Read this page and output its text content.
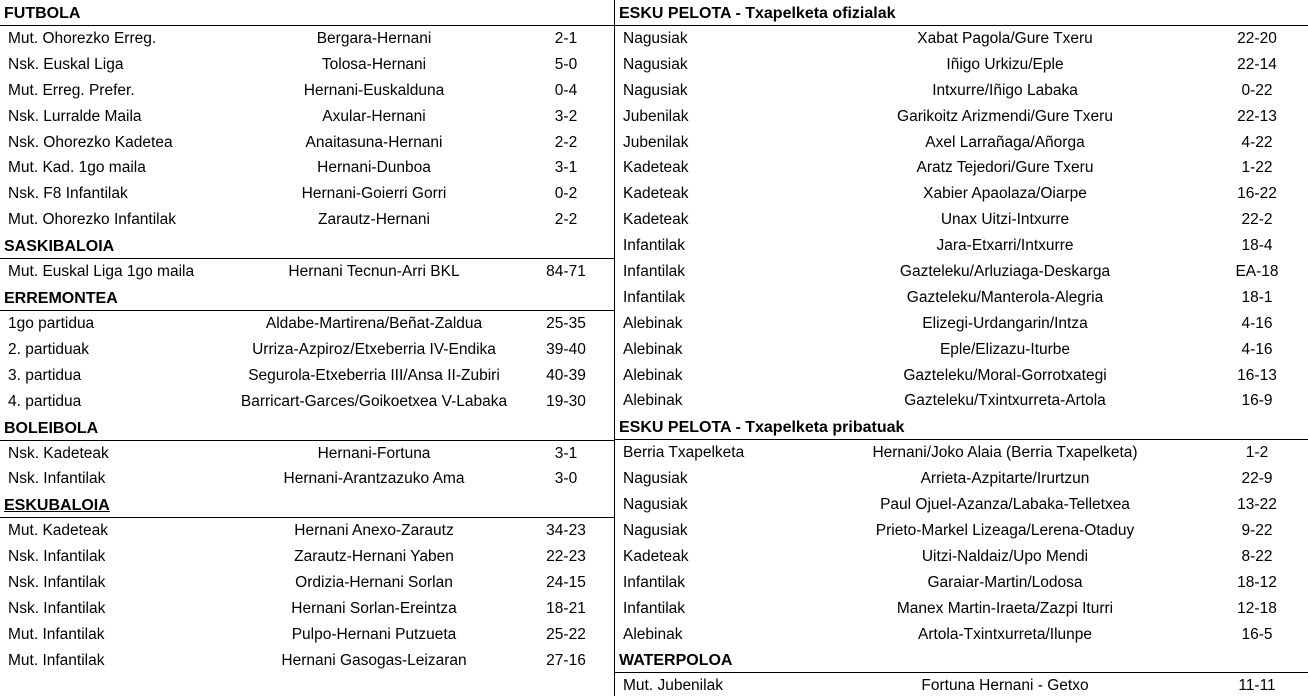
FUTBOLA
Mut. Ohorezko Erreg.	Bergara-Hernani	2-1
Nsk. Euskal Liga	Tolosa-Hernani	5-0
Mut. Erreg. Prefer.	Hernani-Euskalduna	0-4
Nsk. Lurralde Maila	Axular-Hernani	3-2
Nsk. Ohorezko Kadetea	Anaitasuna-Hernani	2-2
Mut. Kad. 1go maila	Hernani-Dunboa	3-1
Nsk. F8 Infantilak	Hernani-Goierri Gorri	0-2
Mut. Ohorezko Infantilak	Zarautz-Hernani	2-2
SASKIBALOIA
Mut. Euskal Liga 1go maila	Hernani Tecnun-Arri BKL	84-71
ERREMONTEA
1go partidua	Aldabe-Martirena/Beñat-Zaldua	25-35
2. partiduak	Urriza-Azpiroz/Etxeberria IV-Endika	39-40
3. partidua	Segurola-Etxeberria III/Ansa II-Zubiri	40-39
4. partidua	Barricart-Garces/Goikoetxea V-Labaka	19-30
BOLEIBOLA
Nsk. Kadeteak	Hernani-Fortuna	3-1
Nsk. Infantilak	Hernani-Arantzazuko Ama	3-0
ESKUBALOIA
Mut. Kadeteak	Hernani Anexo-Zarautz	34-23
Nsk. Infantilak	Zarautz-Hernani Yaben	22-23
Nsk. Infantilak	Ordizia-Hernani Sorlan	24-15
Nsk. Infantilak	Hernani Sorlan-Ereintza	18-21
Mut. Infantilak	Pulpo-Hernani Putzueta	25-22
Mut. Infantilak	Hernani Gasogas-Leizaran	27-16
ESKU PELOTA - Txapelketa ofizialak
Nagusiak	Xabat Pagola/Gure Txeru	22-20
Nagusiak	Iñigo Urkizu/Eple	22-14
Nagusiak	Intxurre/Iñigo Labaka	0-22
Jubenilak	Garikoitz Arizmendi/Gure Txeru	22-13
Jubenilak	Axel Larrañaga/Añorga	4-22
Kadeteak	Aratz Tejedori/Gure Txeru	1-22
Kadeteak	Xabier Apaolaza/Oiarpe	16-22
Kadeteak	Unax Uitzi-Intxurre	22-2
Infantilak	Jara-Etxarri/Intxurre	18-4
Infantilak	Gazteleku/Arluziaga-Deskarga	EA-18
Infantilak	Gazteleku/Manterola-Alegria	18-1
Alebinak	Elizegi-Urdangarin/Intza	4-16
Alebinak	Eple/Elizazu-Iturbe	4-16
Alebinak	Gazteleku/Moral-Gorrotxategi	16-13
Alebinak	Gazteleku/Txintxurreta-Artola	16-9
ESKU PELOTA - Txapelketa pribatuak
Berria Txapelketa	Hernani/Joko Alaia (Berria Txapelketa)	1-2
Nagusiak	Arrieta-Azpitarte/Irurtzun	22-9
Nagusiak	Paul Ojuel-Azanza/Labaka-Telletxea	13-22
Nagusiak	Prieto-Markel Lizeaga/Lerena-Otaduy	9-22
Kadeteak	Uitzi-Naldaiz/Upo Mendi	8-22
Infantilak	Garaiar-Martin/Lodosa	18-12
Infantilak	Manex Martin-Iraeta/Zazpi Iturri	12-18
Alebinak	Artola-Txintxurreta/Ilunpe	16-5
WATERPOLOA
Mut. Jubenilak	Fortuna Hernani - Getxo	11-11
